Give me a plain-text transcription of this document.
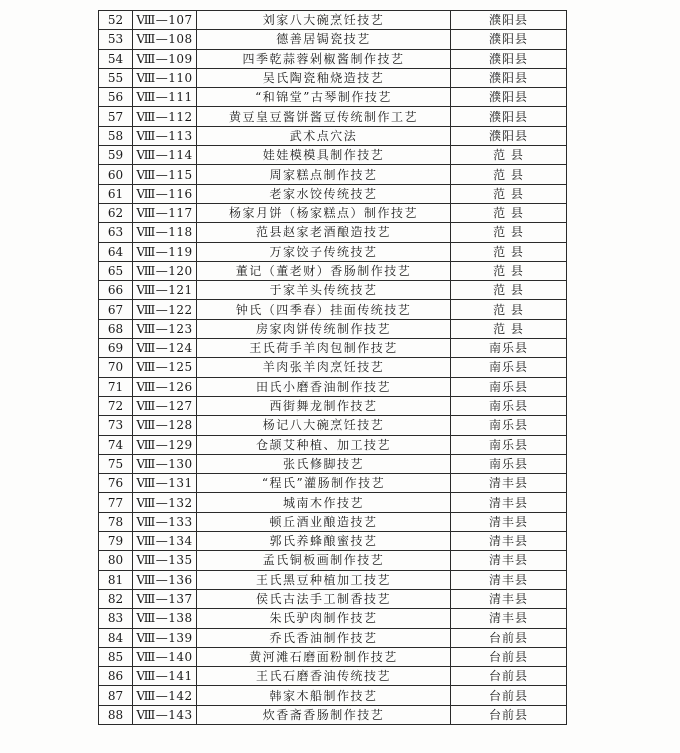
52	Ⅷ—107	刘家八大碗烹饪技艺	濮阳县
53	Ⅷ—108	德善居锔瓷技艺	濮阳县
54	Ⅷ—109	四季乾蒜蓉剁椒酱制作技艺	濮阳县
55	Ⅷ—110	吴氏陶瓷釉烧造技艺	濮阳县
56	Ⅷ—111	“和锦堂”古琴制作技艺	濮阳县
57	Ⅷ—112	黄豆皇豆酱饼酱豆传统制作工艺	濮阳县
58	Ⅷ—113	武术点穴法	濮阳县
59	Ⅷ—114	娃娃模模具制作技艺	范 县
60	Ⅷ—115	周家糕点制作技艺	范 县
61	Ⅷ—116	老家水饺传统技艺	范 县
62	Ⅷ—117	杨家月饼（杨家糕点）制作技艺	范 县
63	Ⅷ—118	范县赵家老酒酿造技艺	范 县
64	Ⅷ—119	万家饺子传统技艺	范 县
65	Ⅷ—120	董记（董老财）香肠制作技艺	范 县
66	Ⅷ—121	于家羊头传统技艺	范 县
67	Ⅷ—122	钟氏（四季春）挂面传统技艺	范 县
68	Ⅷ—123	房家肉饼传统制作技艺	范 县
69	Ⅷ—124	王氏荷手羊肉包制作技艺	南乐县
70	Ⅷ—125	羊肉张羊肉烹饪技艺	南乐县
71	Ⅷ—126	田氏小磨香油制作技艺	南乐县
72	Ⅷ—127	西街舞龙制作技艺	南乐县
73	Ⅷ—128	杨记八大碗烹饪技艺	南乐县
74	Ⅷ—129	仓颉艾种植、加工技艺	南乐县
75	Ⅷ—130	张氏修脚技艺	南乐县
76	Ⅷ—131	“程氏”灌肠制作技艺	清丰县
77	Ⅷ—132	城南木作技艺	清丰县
78	Ⅷ—133	顿丘酒业酿造技艺	清丰县
79	Ⅷ—134	郭氏养蜂酿蜜技艺	清丰县
80	Ⅷ—135	孟氏铜板画制作技艺	清丰县
81	Ⅷ—136	王氏黑豆种植加工技艺	清丰县
82	Ⅷ—137	侯氏古法手工制香技艺	清丰县
83	Ⅷ—138	朱氏驴肉制作技艺	清丰县
84	Ⅷ—139	乔氏香油制作技艺	台前县
85	Ⅷ—140	黄河滩石磨面粉制作技艺	台前县
86	Ⅷ—141	王氏石磨香油传统技艺	台前县
87	Ⅷ—142	韩家木船制作技艺	台前县
88	Ⅷ—143	炊香斋香肠制作技艺	台前县
